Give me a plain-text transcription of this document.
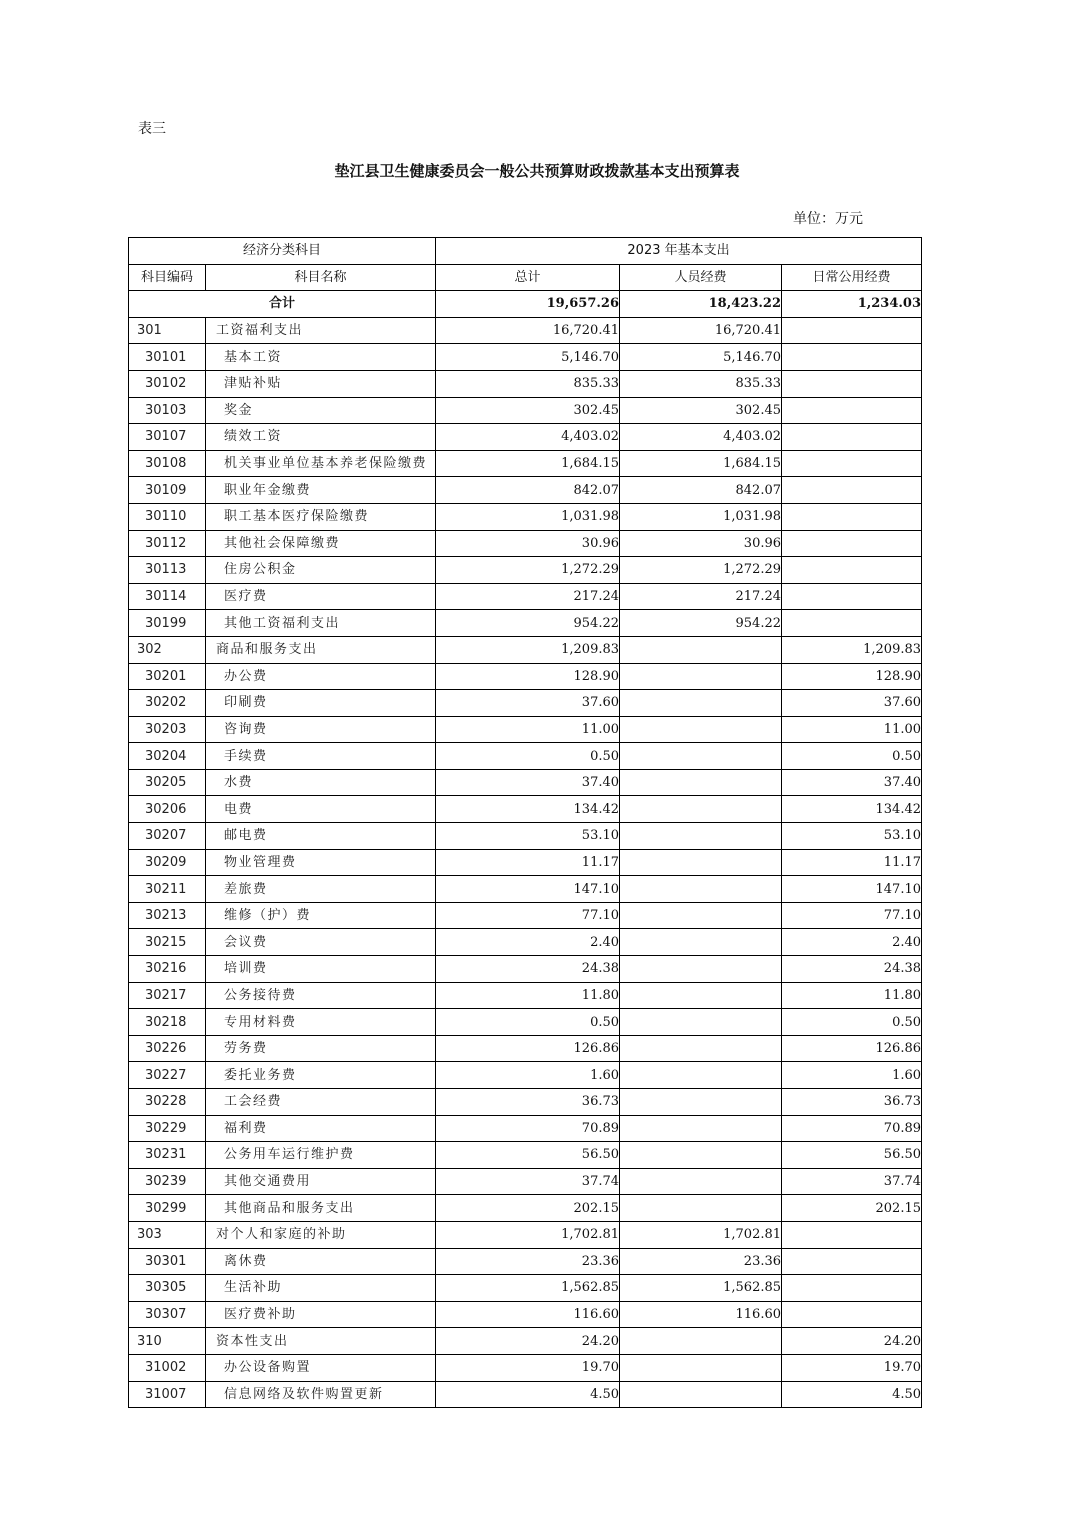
表三
垫江县卫生健康委员会一般公共预算财政拨款基本支出预算表
单位：万元
经济分类科目		2023 年基本支出		
科目编码	科目名称	总计	人员经费	日常公用经费
合计		19,657.26	18,423.22	1,234.03
301	工资福利支出	16,720.41	16,720.41	
30101	基本工资	5,146.70	5,146.70	
30102	津贴补贴	835.33	835.33	
30103	奖金	302.45	302.45	
30107	绩效工资	4,403.02	4,403.02	
30108	机关事业单位基本养老保险缴费	1,684.15	1,684.15	
30109	职业年金缴费	842.07	842.07	
30110	职工基本医疗保险缴费	1,031.98	1,031.98	
30112	其他社会保障缴费	30.96	30.96	
30113	住房公积金	1,272.29	1,272.29	
30114	医疗费	217.24	217.24	
30199	其他工资福利支出	954.22	954.22	
302	商品和服务支出	1,209.83		1,209.83
30201	办公费	128.90		128.90
30202	印刷费	37.60		37.60
30203	咨询费	11.00		11.00
30204	手续费	0.50		0.50
30205	水费	37.40		37.40
30206	电费	134.42		134.42
30207	邮电费	53.10		53.10
30209	物业管理费	11.17		11.17
30211	差旅费	147.10		147.10
30213	维修（护）费	77.10		77.10
30215	会议费	2.40		2.40
30216	培训费	24.38		24.38
30217	公务接待费	11.80		11.80
30218	专用材料费	0.50		0.50
30226	劳务费	126.86		126.86
30227	委托业务费	1.60		1.60
30228	工会经费	36.73		36.73
30229	福利费	70.89		70.89
30231	公务用车运行维护费	56.50		56.50
30239	其他交通费用	37.74		37.74
30299	其他商品和服务支出	202.15		202.15
303	对个人和家庭的补助	1,702.81	1,702.81	
30301	离休费	23.36	23.36	
30305	生活补助	1,562.85	1,562.85	
30307	医疗费补助	116.60	116.60	
310	资本性支出	24.20		24.20
31002	办公设备购置	19.70		19.70
31007	信息网络及软件购置更新	4.50		4.50
